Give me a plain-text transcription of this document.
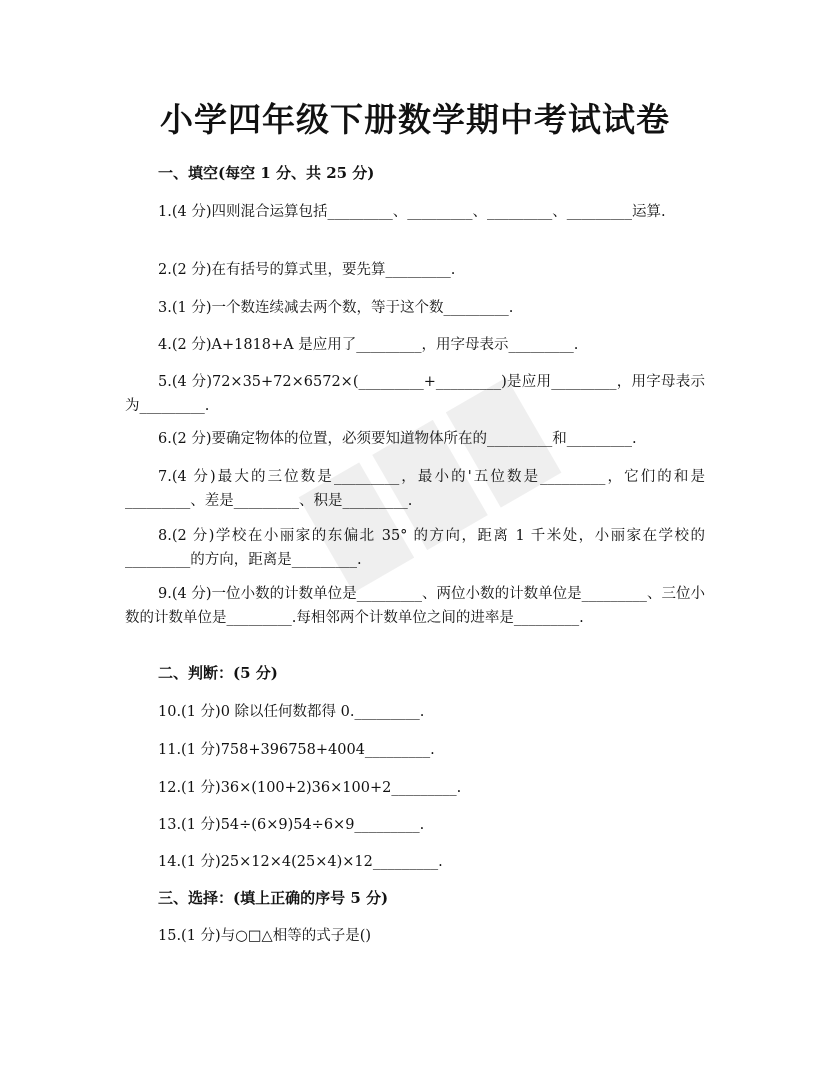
小学四年级下册数学期中考试试卷
一、填空(每空 1 分、共 25 分)
1.(4 分)四则混合运算包括_________、_________、_________、_________运算.
2.(2 分)在有括号的算式里，要先算_________.
3.(1 分)一个数连续减去两个数，等于这个数_________.
4.(2 分)A+1818+A 是应用了_________，用字母表示_________.
5.(4 分)72×35+72×6572×(_________+_________)是应用_________，用字母表示为_________.
6.(2 分)要确定物体的位置，必须要知道物体所在的_________和_________.
7.(4 分)最大的三位数是_________，最小的'五位数是_________，它们的和是_________、差是_________、积是_________.
8.(2 分)学校在小丽家的东偏北 35° 的方向，距离 1 千米处，小丽家在学校的_________的方向，距离是_________.
9.(4 分)一位小数的计数单位是_________、两位小数的计数单位是_________、三位小数的计数单位是_________.每相邻两个计数单位之间的进率是_________.
二、判断：(5 分)
10.(1 分)0 除以任何数都得 0._________.
11.(1 分)758+396758+4004_________.
12.(1 分)36×(100+2)36×100+2_________.
13.(1 分)54÷(6×9)54÷6×9_________.
14.(1 分)25×12×4(25×4)×12_________.
三、选择：(填上正确的序号 5 分)
15.(1 分)与○□△相等的式子是()
